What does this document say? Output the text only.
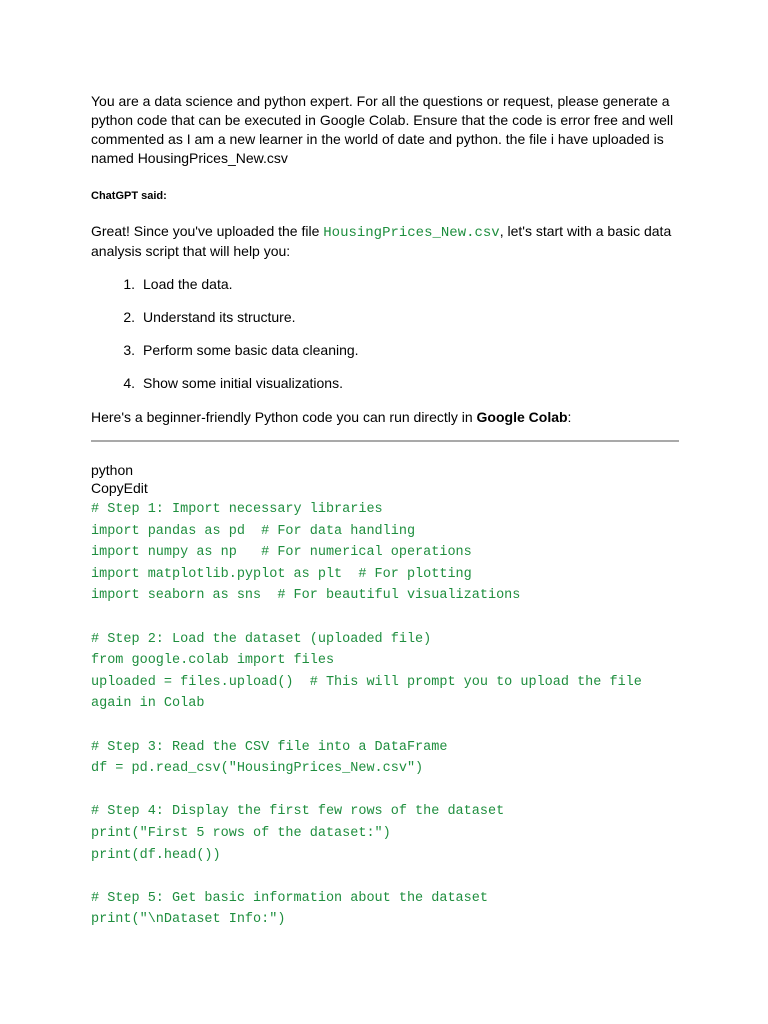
You are a data science and python expert. For all the questions or request, please generate a
python code that can be executed in Google Colab. Ensure that the code is error free and well
commented as I am a new learner in the world of date and python. the file i have uploaded is
named HousingPrices_New.csv
ChatGPT said:
Great! Since you've uploaded the file HousingPrices_New.csv, let's start with a basic data
analysis script that will help you:
1. Load the data.
2. Understand its structure.
3. Perform some basic data cleaning.
4. Show some initial visualizations.
Here's a beginner-friendly Python code you can run directly in Google Colab:
python
CopyEdit
# Step 1: Import necessary libraries
import pandas as pd  # For data handling
import numpy as np   # For numerical operations
import matplotlib.pyplot as plt  # For plotting
import seaborn as sns  # For beautiful visualizations
# Step 2: Load the dataset (uploaded file)
from google.colab import files
uploaded = files.upload()  # This will prompt you to upload the file
again in Colab
# Step 3: Read the CSV file into a DataFrame
df = pd.read_csv("HousingPrices_New.csv")
# Step 4: Display the first few rows of the dataset
print("First 5 rows of the dataset:")
print(df.head())
# Step 5: Get basic information about the dataset
print("\nDataset Info:")
